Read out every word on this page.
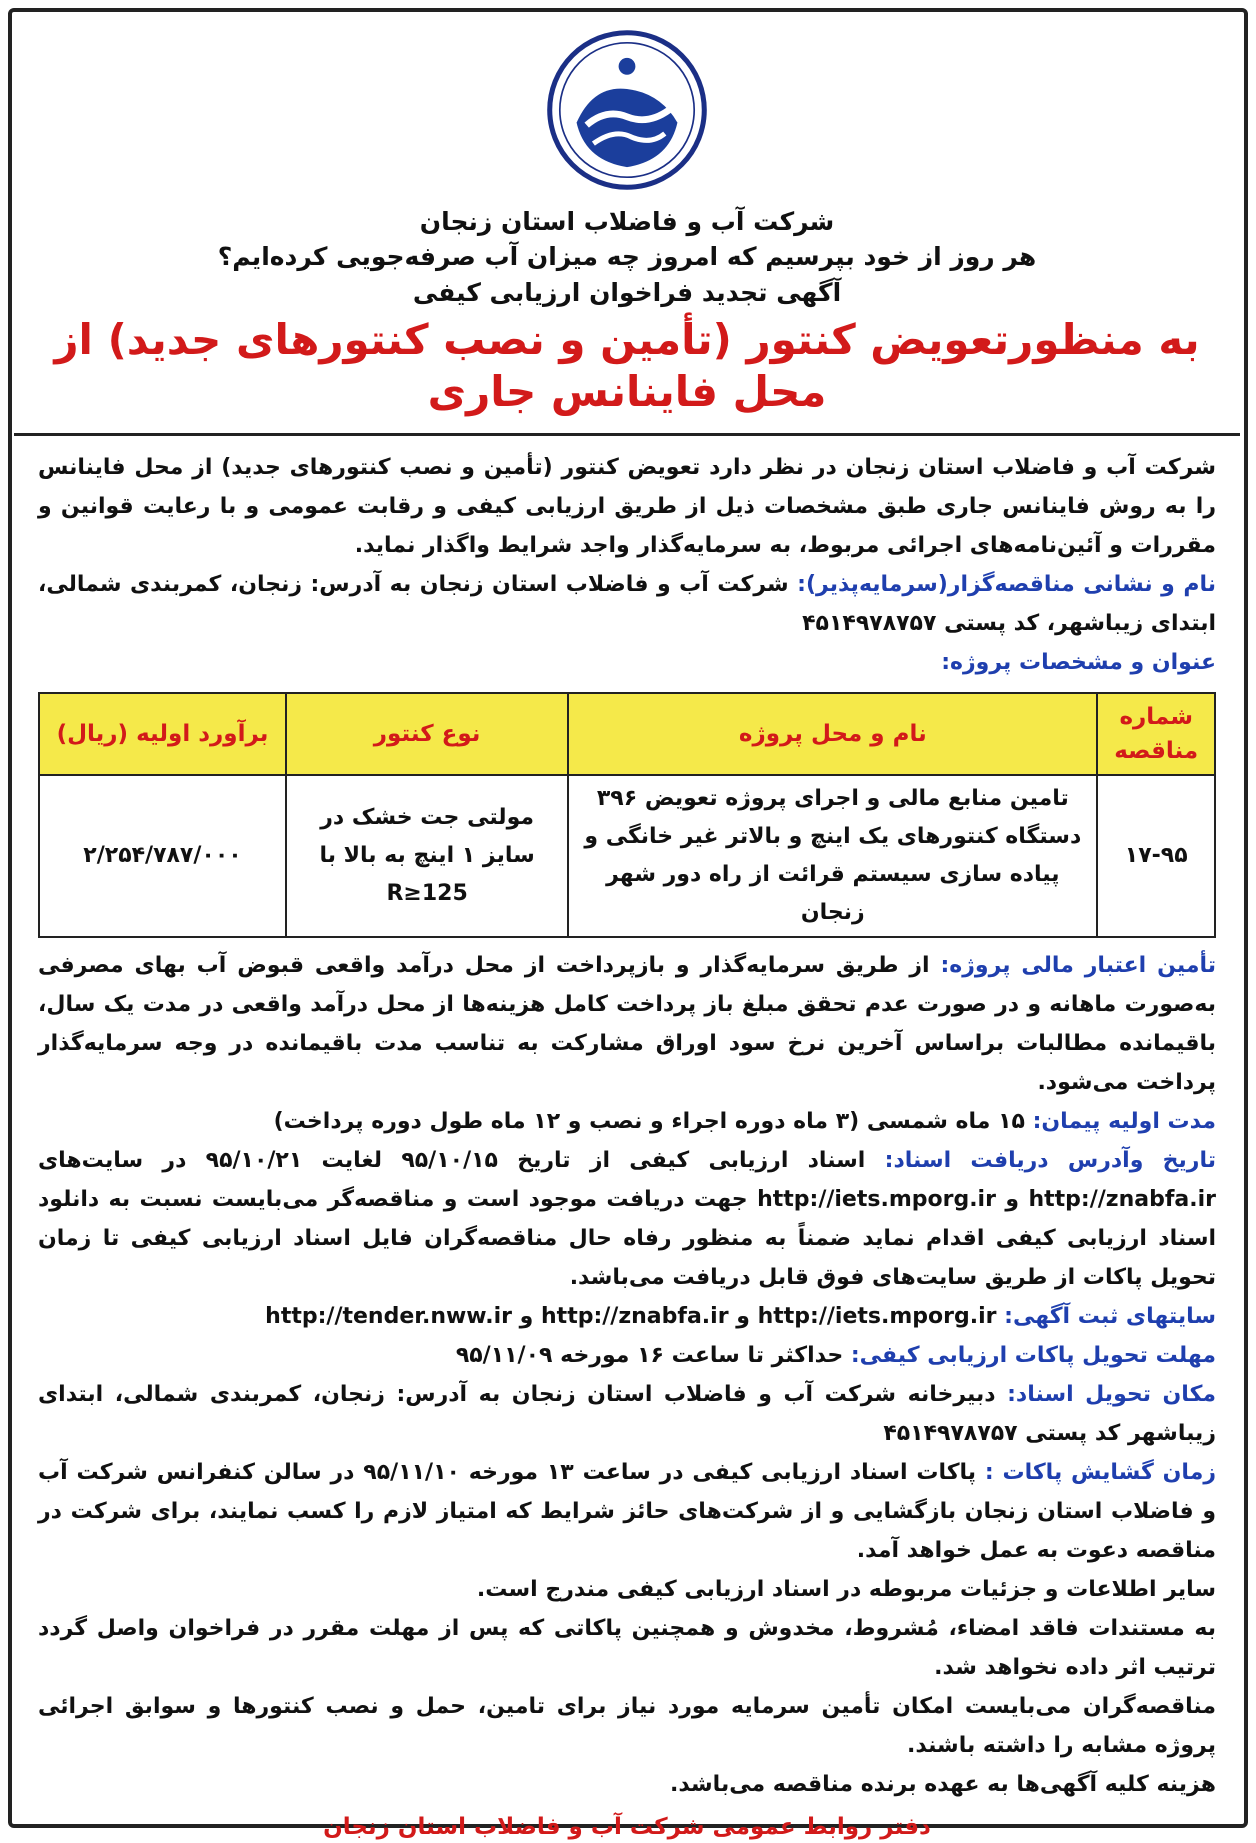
شرکت آب و فاضلاب استان زنجان
هر روز از خود بپرسیم که امروز چه میزان آب صرفه‌جویی کرده‌ایم؟
آگهی تجدید فراخوان ارزیابی کیفی
به منظورتعویض کنتور (تأمین و نصب کنتورهای جدید) از محل فاینانس جاری

شرکت آب و فاضلاب استان زنجان در نظر دارد تعویض کنتور (تأمین و نصب کنتورهای جدید) از محل فاینانس را به روش فاینانس جاری طبق مشخصات ذیل از طریق ارزیابی کیفی و رقابت عمومی و با رعایت قوانین و مقررات و آئین‌نامه‌های اجرائی مربوط، به سرمایه‌گذار واجد شرایط واگذار نماید.

نام و نشانی مناقصه‌گزار(سرمایه‌پذیر): شرکت آب و فاضلاب استان زنجان به آدرس: زنجان، کمربندی شمالی، ابتدای زیباشهر، کد پستی ۴۵۱۴۹۷۸۷۵۷

عنوان و مشخصات پروژه:

شماره مناقصه	نام و محل پروژه	نوع کنتور	برآورد اولیه (ریال)
۱۷-۹۵	تامین منابع مالی و اجرای پروژه تعویض ۳۹۶ دستگاه کنتورهای یک اینچ و بالاتر غیر خانگی و پیاده سازی سیستم قرائت از راه دور شهر زنجان	مولتی جت خشک در سایز ۱ اینچ به بالا با R≥125	۲/۲۵۴/۷۸۷/۰۰۰

تأمین اعتبار مالی پروژه: از طریق سرمایه‌گذار و بازپرداخت از محل درآمد واقعی قبوض آب بهای مصرفی به‌صورت ماهانه و در صورت عدم تحقق مبلغ باز پرداخت کامل هزینه‌ها از محل درآمد واقعی در مدت یک سال، باقیمانده مطالبات براساس آخرین نرخ سود اوراق مشارکت به تناسب مدت باقیمانده در وجه سرمایه‌گذار پرداخت می‌شود.

مدت اولیه پیمان: ۱۵ ماه شمسی (۳ ماه دوره اجراء و نصب و ۱۲ ماه طول دوره پرداخت)

تاریخ وآدرس دریافت اسناد: اسناد ارزیابی کیفی از تاریخ ۹۵/۱۰/۱۵ لغایت ۹۵/۱۰/۲۱ در سایت‌های http://znabfa.ir و http://iets.mporg.ir جهت دریافت موجود است و مناقصه‌گر می‌بایست نسبت به دانلود اسناد ارزیابی کیفی اقدام نماید ضمناً به منظور رفاه حال مناقصه‌گران فایل اسناد ارزیابی کیفی تا زمان تحویل پاکات از طریق سایت‌های فوق قابل دریافت می‌باشد.

سایتهای ثبت آگهی: http://iets.mporg.ir و http://znabfa.ir و http://tender.nww.ir

مهلت تحویل پاکات ارزیابی کیفی: حداکثر تا ساعت ۱۶ مورخه ۹۵/۱۱/۰۹

مکان تحویل اسناد: دبیرخانه شرکت آب و فاضلاب استان زنجان به آدرس: زنجان، کمربندی شمالی، ابتدای زیباشهر کد پستی ۴۵۱۴۹۷۸۷۵۷

زمان گشایش پاکات : پاکات اسناد ارزیابی کیفی در ساعت ۱۳ مورخه ۹۵/۱۱/۱۰ در سالن کنفرانس شرکت آب و فاضلاب استان زنجان بازگشایی و از شرکت‌های حائز شرایط که امتیاز لازم را کسب نمایند، برای شرکت در مناقصه دعوت به عمل خواهد آمد.

سایر اطلاعات و جزئیات مربوطه در اسناد ارزیابی کیفی مندرج است.

به مستندات فاقد امضاء، مُشروط، مخدوش و همچنین پاکاتی که پس از مهلت مقرر در فراخوان واصل گردد ترتیب اثر داده نخواهد شد.

مناقصه‌گران می‌بایست امکان تأمین سرمایه مورد نیاز برای تامین، حمل و نصب کنتورها و سوابق اجرائی پروژه مشابه را داشته باشند.

هزینه کلیه آگهی‌ها به عهده برنده مناقصه می‌باشد.

دفتر روابط عمومی شرکت آب و فاضلاب استان زنجان
